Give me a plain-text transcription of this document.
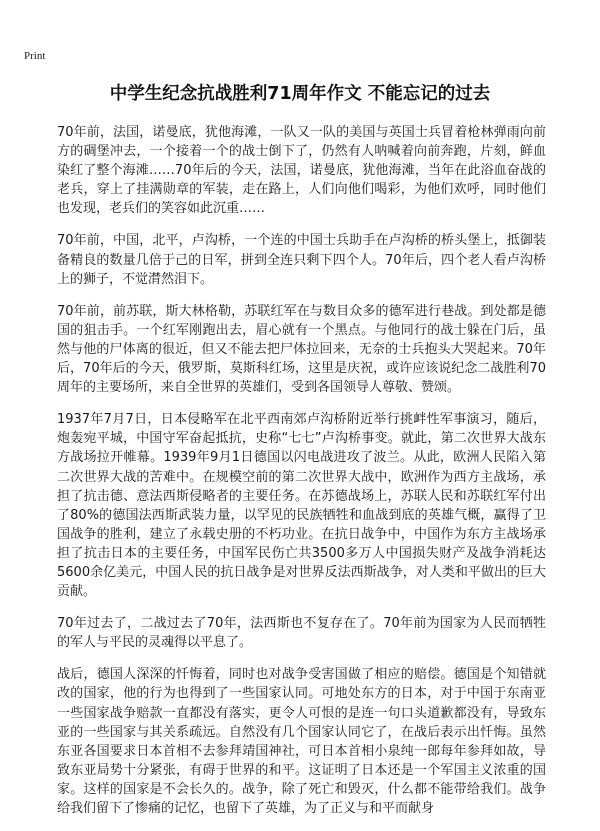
Print
中学生纪念抗战胜利71周年作文 不能忘记的过去

70年前，法国，诺曼底，犹他海滩，一队又一队的美国与英国士兵冒着枪林弹雨向前方的碉堡冲去，一个接着一个的战士倒下了，仍然有人呐喊着向前奔跑，片刻，鲜血染红了整个海滩……70年后的今天，法国，诺曼底，犹他海滩，当年在此浴血奋战的老兵，穿上了挂满勋章的军装，走在路上，人们向他们喝彩，为他们欢呼，同时他们也发现，老兵们的笑容如此沉重……

70年前，中国，北平，卢沟桥，一个连的中国士兵助手在卢沟桥的桥头堡上，抵御装备精良的数量几倍于己的日军，拼到全连只剩下四个人。70年后，四个老人看卢沟桥上的狮子，不觉潸然泪下。

70年前，前苏联，斯大林格勒，苏联红军在与数目众多的德军进行巷战。到处都是德国的狙击手。一个红军刚跑出去，眉心就有一个黑点。与他同行的战士躲在门后，虽然与他的尸体离的很近，但又不能去把尸体拉回来，无奈的士兵抱头大哭起来。70年后，70年后的今天，俄罗斯，莫斯科红场，这里是庆祝，或许应该说纪念二战胜利70周年的主要场所，来自全世界的英雄们，受到各国领导人尊敬、赞颂。

1937年7月7日，日本侵略军在北平西南郊卢沟桥附近举行挑衅性军事演习，随后，炮轰宛平城，中国守军奋起抵抗，史称“七七”卢沟桥事变。就此，第二次世界大战东方战场拉开帷幕。1939年9月1日德国以闪电战进攻了波兰。从此，欧洲人民陷入第二次世界大战的苦难中。在规模空前的第二次世界大战中，欧洲作为西方主战场，承担了抗击德、意法西斯侵略者的主要任务。在苏德战场上，苏联人民和苏联红军付出了80%的德国法西斯武装力量，以罕见的民族牺牲和血战到底的英雄气概，赢得了卫国战争的胜利，建立了永载史册的不朽功业。在抗日战争中，中国作为东方主战场承担了抗击日本的主要任务，中国军民伤亡共3500多万人中国损失财产及战争消耗达5600余亿美元，中国人民的抗日战争是对世界反法西斯战争，对人类和平做出的巨大贡献。

70年过去了，二战过去了70年，法西斯也不复存在了。70年前为国家为人民而牺牲的军人与平民的灵魂得以平息了。

战后，德国人深深的忏悔着，同时也对战争受害国做了相应的赔偿。德国是个知错就改的国家，他的行为也得到了一些国家认同。可地处东方的日本，对于中国于东南亚一些国家战争赔款一直都没有落实，更令人可恨的是连一句口头道歉都没有，导致东亚的一些国家与其关系疏远。自然没有几个国家认同它了，在战后表示出忏悔。虽然东亚各国要求日本首相不去参拜靖国神社，可日本首相小泉纯一郎每年参拜如故，导致东亚局势十分紧张，有碍于世界的和平。这证明了日本还是一个军国主义浓重的国家。这样的国家是不会长久的。战争，除了死亡和毁灭，什么都不能带给我们。战争给我们留下了惨痛的记忆，也留下了英雄，为了正义与和平而献身
